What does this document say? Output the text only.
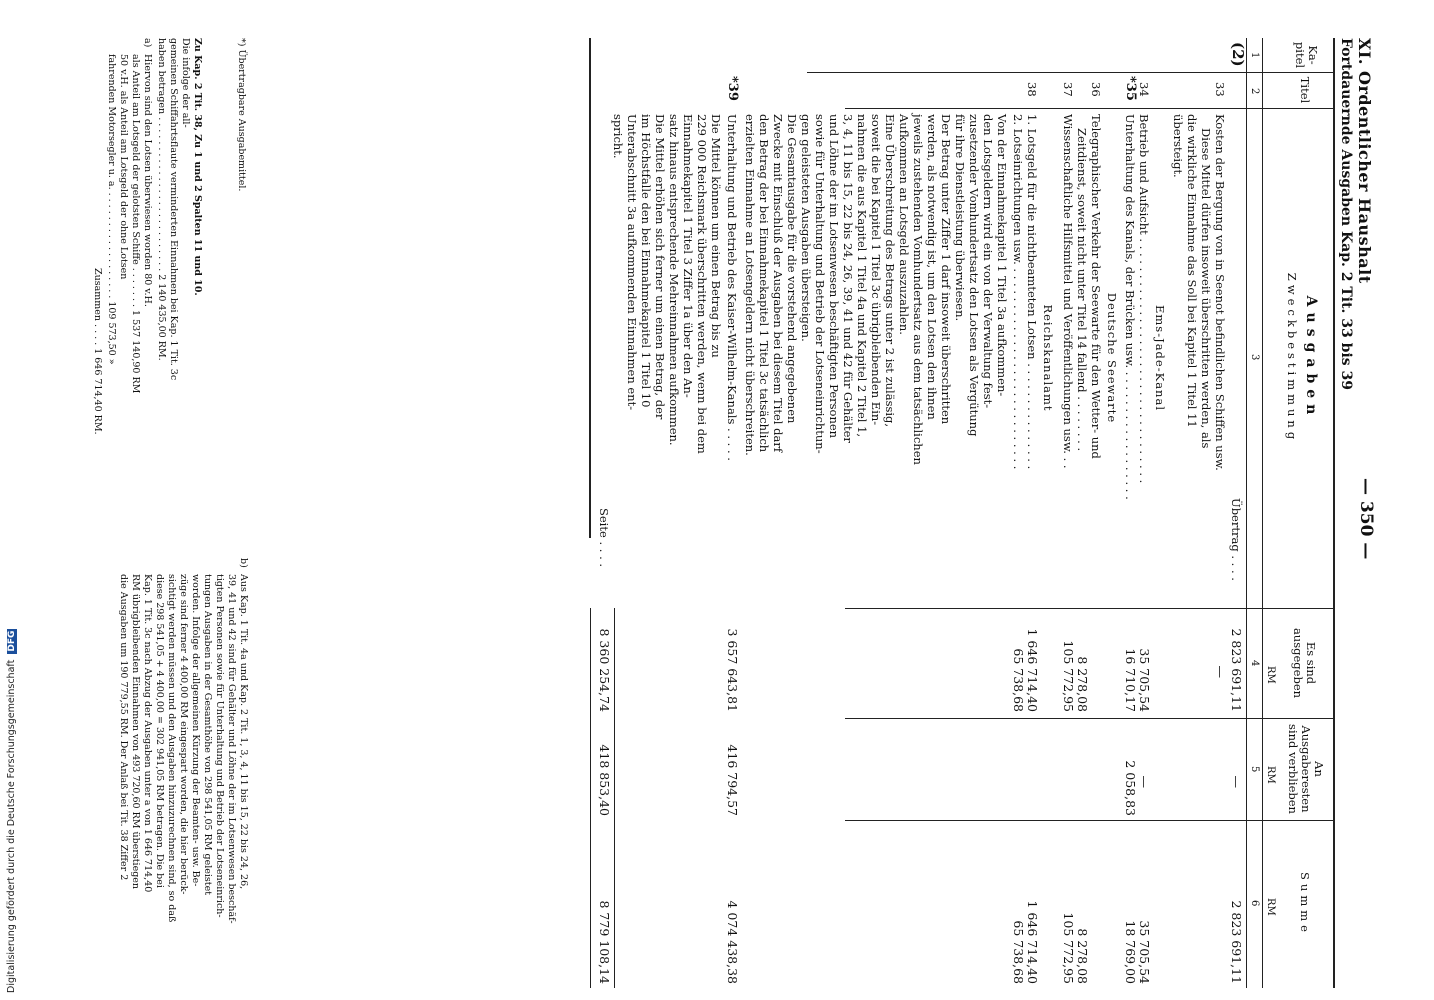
Digitalisierung gefördert durch die Deutsche Forschungsgemeinschaft DFG
XI. Ordentlicher Haushalt
— 350 —
Fortdauernde Ausgaben Kap. 2 Tit. 33 bis 39
Ka-
pitel
Titel
Ausgaben
Zweckbestimmung
Es sind
ausgegeben
An
Ausgaberesten
sind verblieben
Summe
RM
RM
RM
1
2
3
4
5
6
(2)
Übertrag . . . .
2 823 691,11
—
2 823 691,11
33
Kosten der Bergung von in Seenot befindlichen Schiffen usw.
Diese Mittel dürfen insoweit überschritten werden, als
die wirkliche Einnahme das Soll bei Kapitel 1 Titel 11
übersteigt.
—
Ems-Jade-Kanal
34
Betrieb und Aufsicht . . . . . . . . . . . . . . . . . . . . . . . . . . . . . . . . . .
35 705,54
—
35 705,54
*35
Unterhaltung des Kanals, der Brücken usw. . . . . . . . . . . . . . . . . . .
16 710,17
2 058,83
18 769,00
Deutsche Seewarte
36
Telegraphischer Verkehr der Seewarte für den Wetter- und
Zeitdienst, soweit nicht unter Titel 14 fallend . . . . . . . .
8 278,08
8 278,08
37
Wissenschaftliche Hilfsmittel und Veröffentlichungen usw. . .
105 772,95
105 772,95
Reichskanalamt
38
1. Lotsgeld für die nichtbeamteten Lotsen . . . . . . . . . . . . . . .
1 646 714,40
1 646 714,40
2. Lotseinrichtungen usw. . . . . . . . . . . . . . . . . . . . . . . . . . . . .
65 738,68
65 738,68
Von der Einnahmekapitel 1 Titel 3a aufkommen-
den Lotsgeldern wird ein von der Verwaltung fest-
zusetzender Vomhundertsatz den Lotsen als Vergütung
für ihre Dienstleistung überwiesen.
Der Betrag unter Ziffer 1 darf insoweit überschritten
werden, als notwendig ist, um den Lotsen den ihnen
jeweils zustehenden Vomhundertsatz aus dem tatsächlichen
Aufkommen an Lotsgeld auszuzahlen.
Eine Überschreitung des Betrags unter 2 ist zulässig,
soweit die bei Kapitel 1 Titel 3c übrigbleibenden Ein-
nahmen die aus Kapitel 1 Titel 4a und Kapitel 2 Titel 1,
3, 4, 11 bis 15, 22 bis 24, 26, 39, 41 und 42 für Gehälter
und Löhne der im Lotsenwesen beschäftigten Personen
sowie für Unterhaltung und Betrieb der Lotseneinrichtun-
gen geleisteten Ausgaben übersteigen.
Die Gesamtausgabe für die vorstehend angegebenen
Zwecke mit Einschluß der Ausgaben bei diesem Titel darf
den Betrag der bei Einnahmekapitel 1 Titel 3c tatsächlich
erzielten Einnahme an Lotsengeldern nicht überschreiten.
*39
Unterhaltung und Betrieb des Kaiser-Wilhelm-Kanals . . . . .
3 657 643,81
416 794,57
4 074 438,38
Die Mittel können um einen Betrag bis zu
229 000 Reichsmark überschritten werden, wenn bei dem
Einnahmekapitel 1 Titel 3 Ziffer 1a über den An-
satz hinaus entsprechende Mehreinnahmen aufkommen.
Die Mittel erhöhen sich ferner um einen Betrag, der
im Höchstfalle den bei Einnahmekapitel 1 Titel 10
Unterabschnitt 3a aufkommenden Einnahmen ent-
spricht.
Seite . . . .
8 360 254,74
418 853,40
8 779 108,14
*) Übertragbare Ausgabemittel.
Zu Kap. 2 Tit. 38, Zu 1 und 2 Spalten 11 und 10.
Die infolge der all-
gemeinen Schiffahrtsflaute verminderten Einnahmen bei Kap. 1 Tit. 3c
haben betragen . . . . . . . . . . . . . . . . . . . . . . . . . . 2 140 435,00 RM.
a)
Hiervon sind den Lotsen überwiesen worden 80 v.H.
als Anteil am Lotsgeld der gelotsten Schiffe . . . . . . . 1 537 140,90 RM
50 v.H. als Anteil am Lotsgeld der ohne Lotsen
fahrenden Motorsegler u. a. . . . . . . . . . . . . . . . . . . 109 573,50 »
Zusammen . . . . 1 646 714,40 RM.
b)
Aus Kap. 1 Tit. 4a und Kap. 2 Tit. 1, 3, 4, 11 bis 15, 22 bis 24, 26,
39, 41 und 42 sind für Gehälter und Löhne der im Lotsenwesen beschäf-
tigten Personen sowie für Unterhaltung und Betrieb der Lotseneinrich-
tungen Ausgaben in der Gesamthöhe von 298 541,05 RM geleistet
worden. Infolge der allgemeinen Kürzung der Beamten- usw. Be-
züge sind ferner 4 400,00 RM eingespart worden, die hier berück-
sichtigt werden müssen und den Ausgaben hinzuzurechnen sind, so daß
diese 298 541,05 + 4 400,00 = 302 941,05 RM betragen. Die bei
Kap. 1 Tit. 3c nach Abzug der Ausgaben unter a von 1 646 714,40
RM übrigbleibenden Einnahmen von 493 720,60 RM überstiegen
die Ausgaben um 190 779,55 RM. Der Anlaß bei Tit. 38 Ziffer 2
